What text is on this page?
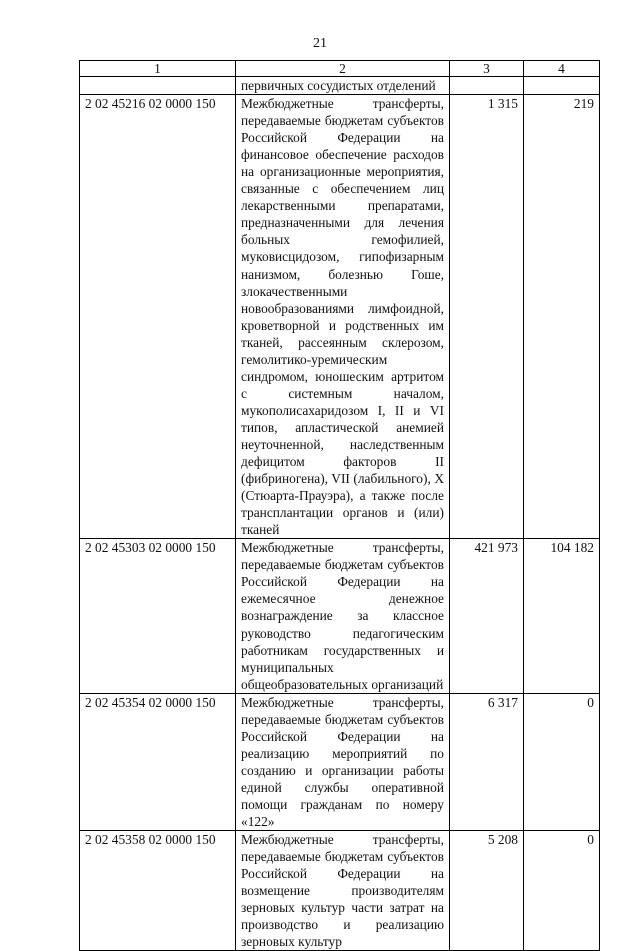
21
1	2	3	4
	первичных сосудистых отделений		
2 02 45216 02 0000 150	Межбюджетные трансферты, передаваемые бюджетам субъектов Российской Федерации на финансовое обеспечение расходов на организационные мероприятия, связанные с обеспечением лиц лекарственными препаратами, предназначенными для лечения больных гемофилией, муковисцидозом, гипофизарным нанизмом, болезнью Гоше, злокачественными новообразованиями лимфоидной, кроветворной и родственных им тканей, рассеянным склерозом, гемолитико-уремическим синдромом, юношеским артритом с системным началом, мукополисахаридозом I, II и VI типов, апластической анемией неуточненной, наследственным дефицитом факторов II (фибриногена), VII (лабильного), X (Стюарта-Прауэра), а также после трансплантации органов и (или) тканей	1 315	219
2 02 45303 02 0000 150	Межбюджетные трансферты, передаваемые бюджетам субъектов Российской Федерации на ежемесячное денежное вознаграждение за классное руководство педагогическим работникам государственных и муниципальных общеобразовательных организаций	421 973	104 182
2 02 45354 02 0000 150	Межбюджетные трансферты, передаваемые бюджетам субъектов Российской Федерации на реализацию мероприятий по созданию и организации работы единой службы оперативной помощи гражданам по номеру «122»	6 317	0
2 02 45358 02 0000 150	Межбюджетные трансферты, передаваемые бюджетам субъектов Российской Федерации на возмещение производителям зерновых культур части затрат на производство и реализацию зерновых культур	5 208	0
